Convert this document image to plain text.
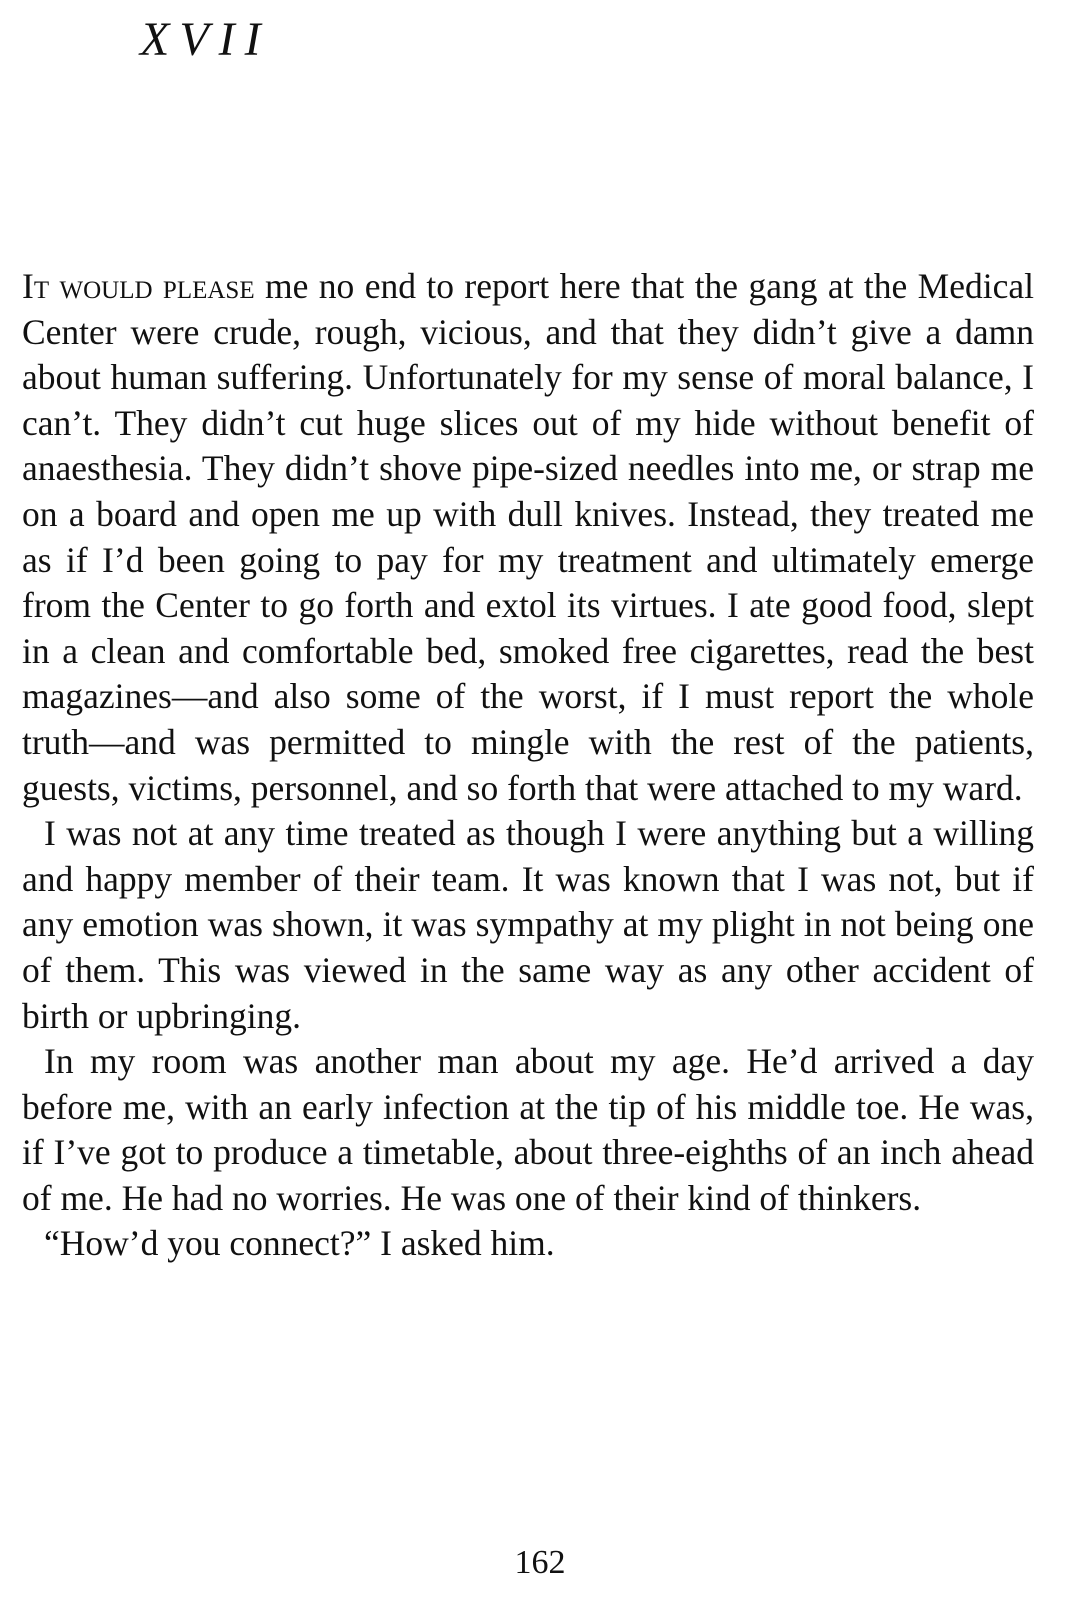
XVII

It would please me no end to report here that the gang at the Medical Center were crude, rough, vicious, and that they didn’t give a damn about human suffering. Unfortunately for my sense of moral balance, I can’t. They didn’t cut huge slices out of my hide without benefit of anaesthesia. They didn’t shove pipe-sized needles into me, or strap me on a board and open me up with dull knives. Instead, they treated me as if I’d been going to pay for my treatment and ultimately emerge from the Center to go forth and extol its virtues. I ate good food, slept in a clean and comfortable bed, smoked free cigarettes, read the best magazines—and also some of the worst, if I must report the whole truth—and was permitted to mingle with the rest of the patients, guests, victims, personnel, and so forth that were attached to my ward.

I was not at any time treated as though I were anything but a willing and happy member of their team. It was known that I was not, but if any emotion was shown, it was sympathy at my plight in not being one of them. This was viewed in the same way as any other accident of birth or upbringing.

In my room was another man about my age. He’d arrived a day before me, with an early infection at the tip of his middle toe. He was, if I’ve got to produce a timetable, about three-eighths of an inch ahead of me. He had no worries. He was one of their kind of thinkers.

“How’d you connect?” I asked him.

162
